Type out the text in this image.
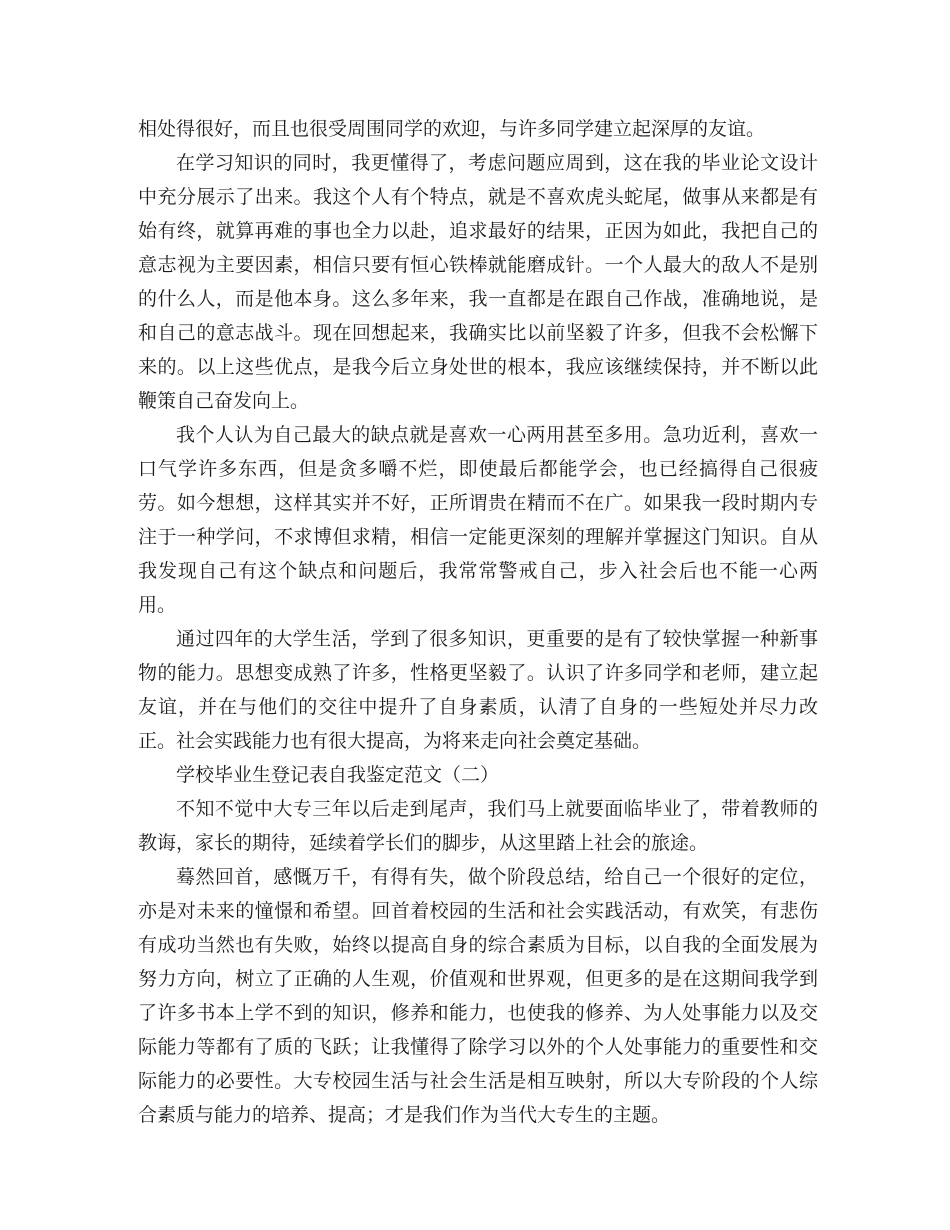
相处得很好，而且也很受周围同学的欢迎，与许多同学建立起深厚的友谊。

在学习知识的同时，我更懂得了，考虑问题应周到，这在我的毕业论文设计中充分展示了出来。我这个人有个特点，就是不喜欢虎头蛇尾，做事从来都是有始有终，就算再难的事也全力以赴，追求最好的结果，正因为如此，我把自己的意志视为主要因素，相信只要有恒心铁棒就能磨成针。一个人最大的敌人不是别的什么人，而是他本身。这么多年来，我一直都是在跟自己作战，准确地说，是和自己的意志战斗。现在回想起来，我确实比以前坚毅了许多，但我不会松懈下来的。以上这些优点，是我今后立身处世的根本，我应该继续保持，并不断以此鞭策自己奋发向上。

我个人认为自己最大的缺点就是喜欢一心两用甚至多用。急功近利，喜欢一口气学许多东西，但是贪多嚼不烂，即使最后都能学会，也已经搞得自己很疲劳。如今想想，这样其实并不好，正所谓贵在精而不在广。如果我一段时期内专注于一种学问，不求博但求精，相信一定能更深刻的理解并掌握这门知识。自从我发现自己有这个缺点和问题后，我常常警戒自己，步入社会后也不能一心两用。

通过四年的大学生活，学到了很多知识，更重要的是有了较快掌握一种新事物的能力。思想变成熟了许多，性格更坚毅了。认识了许多同学和老师，建立起友谊，并在与他们的交往中提升了自身素质，认清了自身的一些短处并尽力改正。社会实践能力也有很大提高，为将来走向社会奠定基础。

学校毕业生登记表自我鉴定范文（二）

不知不觉中大专三年以后走到尾声，我们马上就要面临毕业了，带着教师的教诲，家长的期待，延续着学长们的脚步，从这里踏上社会的旅途。

蓦然回首，感慨万千，有得有失，做个阶段总结，给自己一个很好的定位，亦是对未来的憧憬和希望。回首着校园的生活和社会实践活动，有欢笑，有悲伤有成功当然也有失败，始终以提高自身的综合素质为目标，以自我的全面发展为努力方向，树立了正确的人生观，价值观和世界观，但更多的是在这期间我学到了许多书本上学不到的知识，修养和能力，也使我的修养、为人处事能力以及交际能力等都有了质的飞跃；让我懂得了除学习以外的个人处事能力的重要性和交际能力的必要性。大专校园生活与社会生活是相互映射，所以大专阶段的个人综合素质与能力的培养、提高；才是我们作为当代大专生的主题。
